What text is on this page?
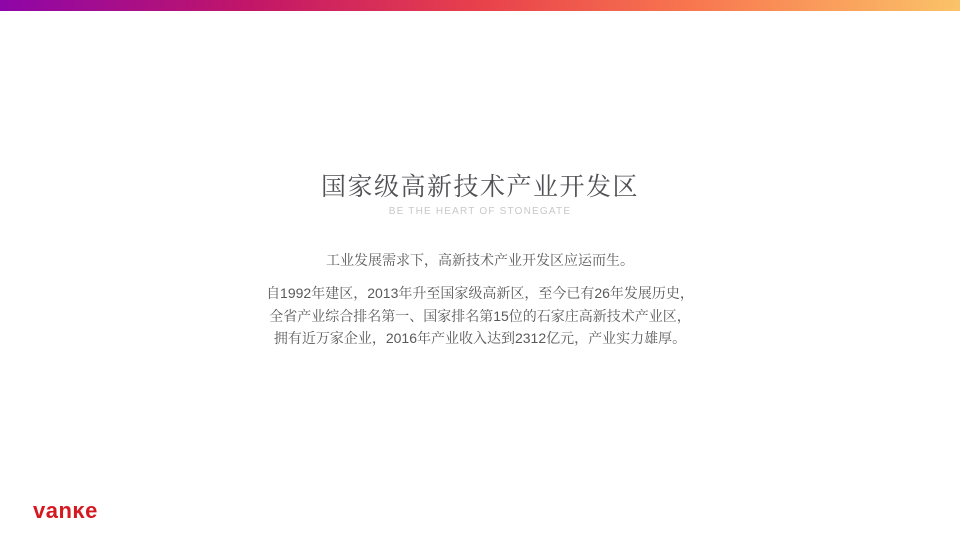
国家级高新技术产业开发区
BE THE HEART OF STONEGATE

工业发展需求下，高新技术产业开发区应运而生。

自1992年建区，2013年升至国家级高新区，至今已有26年发展历史，
全省产业综合排名第一、国家排名第15位的石家庄高新技术产业区，
拥有近万家企业，2016年产业收入达到2312亿元，产业实力雄厚。
vanĸe
